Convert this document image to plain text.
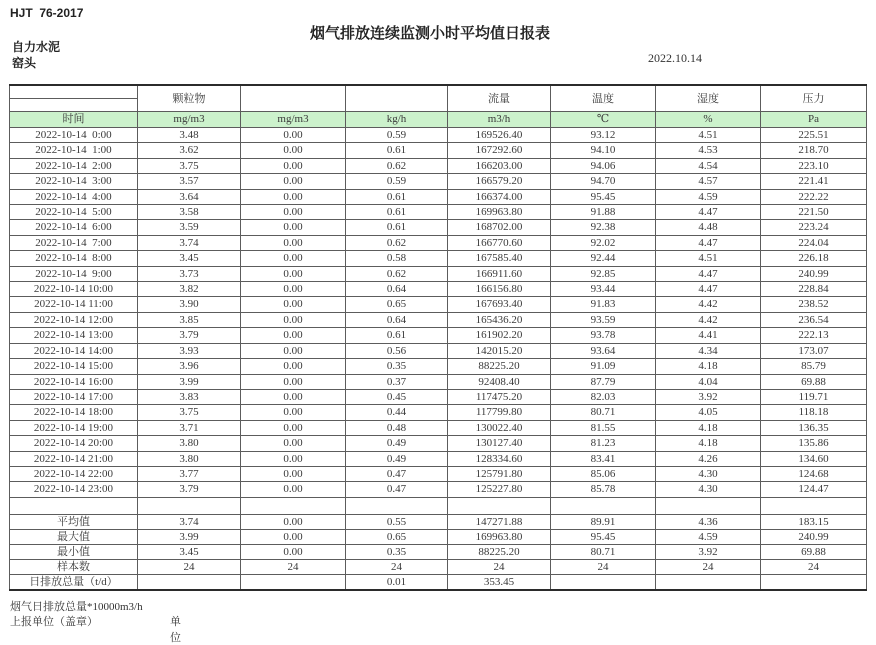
HJT  76-2017
烟气排放连续监测小时平均值日报表
自力水泥
窑头	2022.10.14
	颗粒物			流量	温度	湿度	压力

时间	mg/m3	mg/m3	kg/h	m3/h	℃	%	Pa
2022-10-14  0:00	3.48	0.00	0.59	169526.40	93.12	4.51	225.51
2022-10-14  1:00	3.62	0.00	0.61	167292.60	94.10	4.53	218.70
2022-10-14  2:00	3.75	0.00	0.62	166203.00	94.06	4.54	223.10
2022-10-14  3:00	3.57	0.00	0.59	166579.20	94.70	4.57	221.41
2022-10-14  4:00	3.64	0.00	0.61	166374.00	95.45	4.59	222.22
2022-10-14  5:00	3.58	0.00	0.61	169963.80	91.88	4.47	221.50
2022-10-14  6:00	3.59	0.00	0.61	168702.00	92.38	4.48	223.24
2022-10-14  7:00	3.74	0.00	0.62	166770.60	92.02	4.47	224.04
2022-10-14  8:00	3.45	0.00	0.58	167585.40	92.44	4.51	226.18
2022-10-14  9:00	3.73	0.00	0.62	166911.60	92.85	4.47	240.99
2022-10-14 10:00	3.82	0.00	0.64	166156.80	93.44	4.47	228.84
2022-10-14 11:00	3.90	0.00	0.65	167693.40	91.83	4.42	238.52
2022-10-14 12:00	3.85	0.00	0.64	165436.20	93.59	4.42	236.54
2022-10-14 13:00	3.79	0.00	0.61	161902.20	93.78	4.41	222.13
2022-10-14 14:00	3.93	0.00	0.56	142015.20	93.64	4.34	173.07
2022-10-14 15:00	3.96	0.00	0.35	88225.20	91.09	4.18	85.79
2022-10-14 16:00	3.99	0.00	0.37	92408.40	87.79	4.04	69.88
2022-10-14 17:00	3.83	0.00	0.45	117475.20	82.03	3.92	119.71
2022-10-14 18:00	3.75	0.00	0.44	117799.80	80.71	4.05	118.18
2022-10-14 19:00	3.71	0.00	0.48	130022.40	81.55	4.18	136.35
2022-10-14 20:00	3.80	0.00	0.49	130127.40	81.23	4.18	135.86
2022-10-14 21:00	3.80	0.00	0.49	128334.60	83.41	4.26	134.60
2022-10-14 22:00	3.77	0.00	0.47	125791.80	85.06	4.30	124.68
2022-10-14 23:00	3.79	0.00	0.47	125227.80	85.78	4.30	124.47

平均值	3.74	0.00	0.55	147271.88	89.91	4.36	183.15
最大值	3.99	0.00	0.65	169963.80	95.45	4.59	240.99
最小值	3.45	0.00	0.35	88225.20	80.71	3.92	69.88
样本数	24	24	24	24	24	24	24
日排放总量（t/d）			0.01	353.45			
烟气日排放总量*10000m3/h
上报单位（盖章）	单位
